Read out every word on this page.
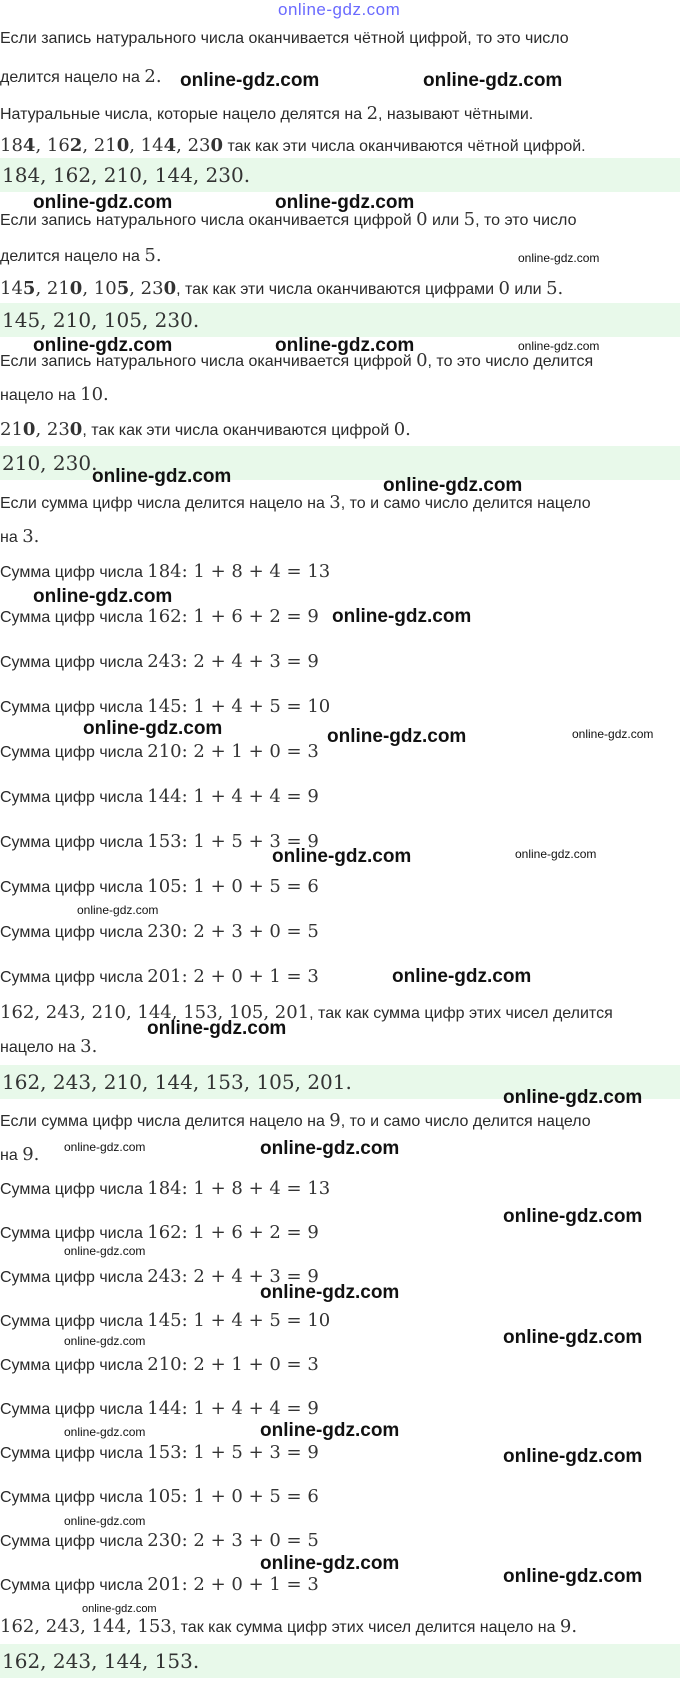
online-gdz.com
Если запись натурального числа оканчивается чётной цифрой, то это число
делится нацело на 2.
Натуральные числа, которые нацело делятся на 2, называют чётными.
184, 162, 210, 144, 230 так как эти числа оканчиваются чётной цифрой.
184, 162, 210, 144, 230.
Если запись натурального числа оканчивается цифрой 0 или 5, то это число
делится нацело на 5.
145, 210, 105, 230, так как эти числа оканчиваются цифрами 0 или 5.
145, 210, 105, 230.
Если запись натурального числа оканчивается цифрой 0, то это число делится
нацело на 10.
210, 230, так как эти числа оканчиваются цифрой 0.
210, 230.
Если сумма цифр числа делится нацело на 3, то и само число делится нацело
на 3.
Сумма цифр числа 184: 1 + 8 + 4 = 13
Сумма цифр числа 162: 1 + 6 + 2 = 9
Сумма цифр числа 243: 2 + 4 + 3 = 9
Сумма цифр числа 145: 1 + 4 + 5 = 10
Сумма цифр числа 210: 2 + 1 + 0 = 3
Сумма цифр числа 144: 1 + 4 + 4 = 9
Сумма цифр числа 153: 1 + 5 + 3 = 9
Сумма цифр числа 105: 1 + 0 + 5 = 6
Сумма цифр числа 230: 2 + 3 + 0 = 5
Сумма цифр числа 201: 2 + 0 + 1 = 3
162, 243, 210, 144, 153, 105, 201, так как сумма цифр этих чисел делится
нацело на 3.
162, 243, 210, 144, 153, 105, 201.
Если сумма цифр числа делится нацело на 9, то и само число делится нацело
на 9.
Сумма цифр числа 184: 1 + 8 + 4 = 13
Сумма цифр числа 162: 1 + 6 + 2 = 9
Сумма цифр числа 243: 2 + 4 + 3 = 9
Сумма цифр числа 145: 1 + 4 + 5 = 10
Сумма цифр числа 210: 2 + 1 + 0 = 3
Сумма цифр числа 144: 1 + 4 + 4 = 9
Сумма цифр числа 153: 1 + 5 + 3 = 9
Сумма цифр числа 105: 1 + 0 + 5 = 6
Сумма цифр числа 230: 2 + 3 + 0 = 5
Сумма цифр числа 201: 2 + 0 + 1 = 3
162, 243, 144, 153, так как сумма цифр этих чисел делится нацело на 9.
162, 243, 144, 153.
online-gdz.com	online-gdz.com
online-gdz.com	online-gdz.com
online-gdz.com
online-gdz.com	online-gdz.com	online-gdz.com
online-gdz.com	online-gdz.com
online-gdz.com
online-gdz.com
online-gdz.com	online-gdz.com	online-gdz.com
online-gdz.com	online-gdz.com
online-gdz.com
online-gdz.com
online-gdz.com
online-gdz.com
online-gdz.com	online-gdz.com
online-gdz.com
online-gdz.com
online-gdz.com
online-gdz.com	online-gdz.com
online-gdz.com	online-gdz.com
online-gdz.com
online-gdz.com
online-gdz.com
online-gdz.com
online-gdz.com
